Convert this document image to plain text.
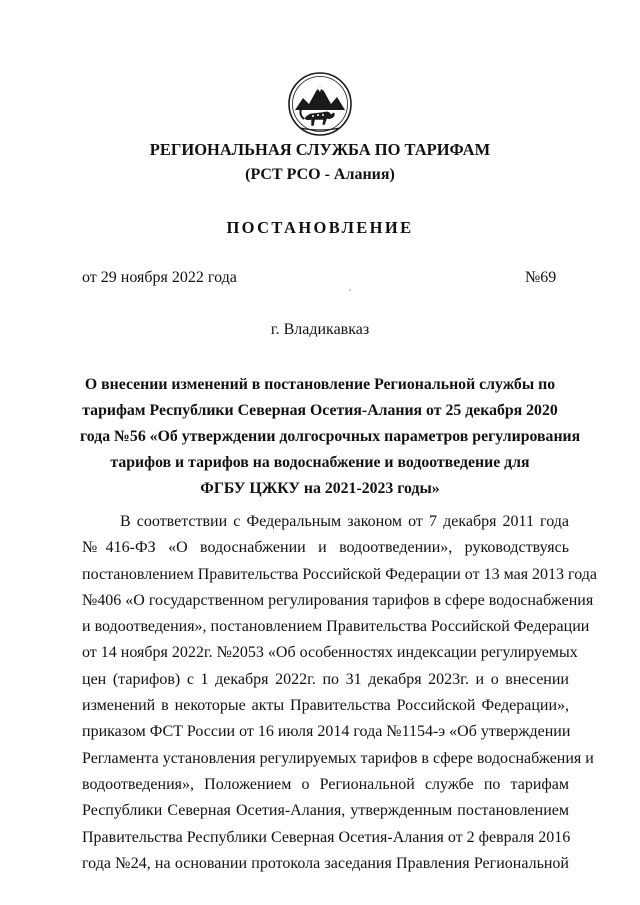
РЕГИОНАЛЬНАЯ СЛУЖБА ПО ТАРИФАМ
(РСТ РСО - Алания)
ПОСТАНОВЛЕНИЕ
от 29 ноября 2022 года	№69
г. Владикавказ
О внесении изменений в постановление Региональной службы по
тарифам Республики Северная Осетия-Алания от 25 декабря 2020
года №56 «Об утверждении долгосрочных параметров регулирования
тарифов и тарифов на водоснабжение и водоотведение для
ФГБУ ЦЖКУ на 2021-2023 годы»
В соответствии с Федеральным законом от 7 декабря 2011 года
№416-ФЗ «О водоснабжении и водоотведении», руководствуясь
постановлением Правительства Российской Федерации от 13 мая 2013 года
№406 «О государственном регулирования тарифов в сфере водоснабжения
и водоотведения», постановлением Правительства Российской Федерации
от 14 ноября 2022г. №2053 «Об особенностях индексации регулируемых
цен (тарифов) с 1 декабря 2022г. по 31 декабря 2023г. и о внесении
изменений в некоторые акты Правительства Российской Федерации»,
приказом ФСТ России от 16 июля 2014 года №1154-э «Об утверждении
Регламента установления регулируемых тарифов в сфере водоснабжения и
водоотведения», Положением о Региональной службе по тарифам
Республики Северная Осетия-Алания, утвержденным постановлением
Правительства Республики Северная Осетия-Алания от 2 февраля 2016
года №24, на основании протокола заседания Правления Региональной
